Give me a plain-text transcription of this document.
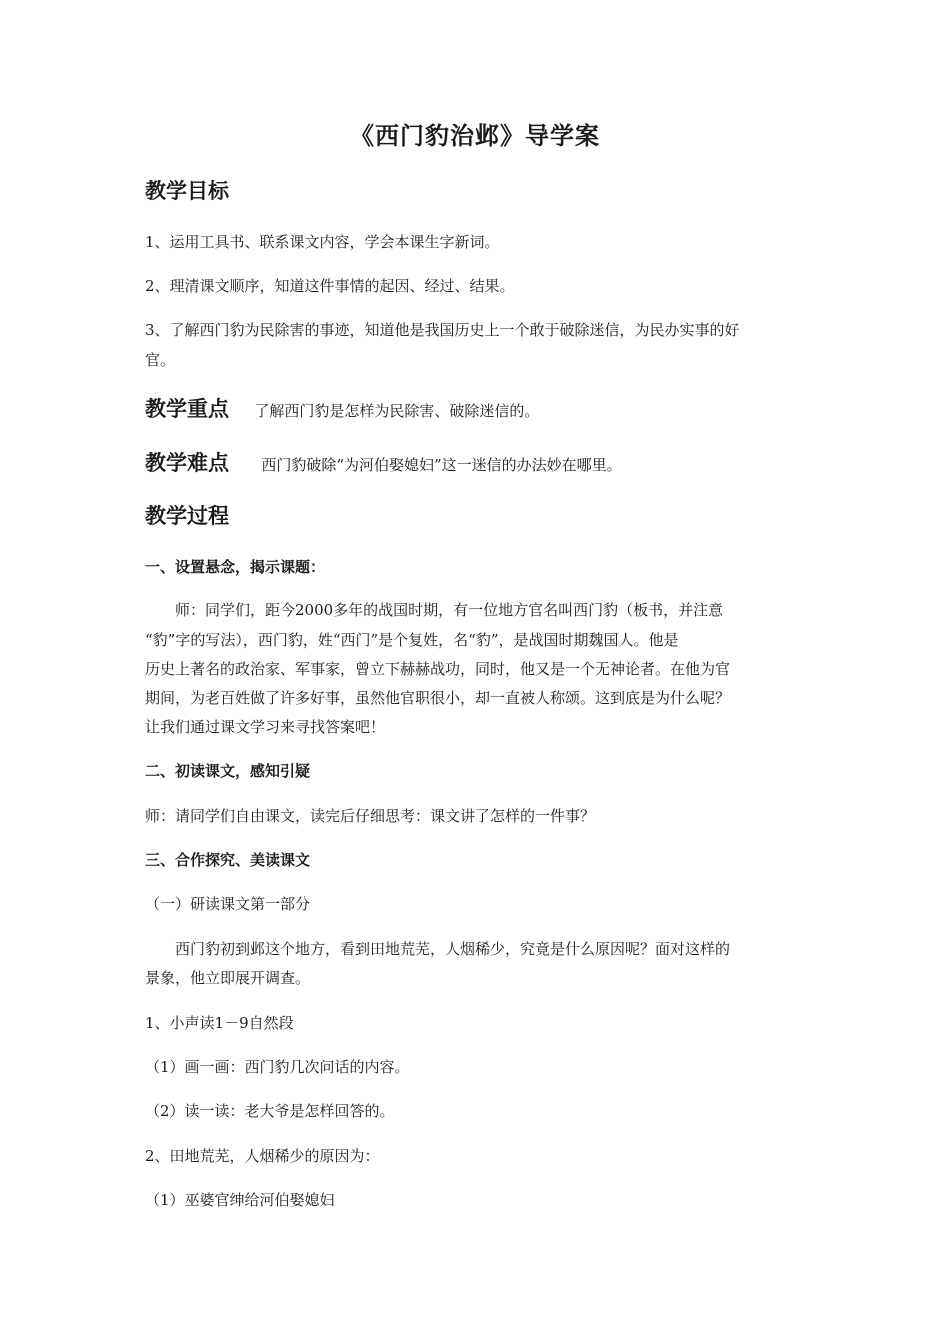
《西门豹治邺》导学案
教学目标
1、运用工具书、联系课文内容，学会本课生字新词。
2、理清课文顺序，知道这件事情的起因、经过、结果。
3、了解西门豹为民除害的事迹，知道他是我国历史上一个敢于破除迷信，为民办实事的好
官。
教学重点 了解西门豹是怎样为民除害、破除迷信的。
教学难点 西门豹破除“为河伯娶媳妇”这一迷信的办法妙在哪里。
教学过程
一、设置悬念，揭示课题：
师：同学们，距今2000多年的战国时期，有一位地方官名叫西门豹（板书，并注意
“豹”字的写法），西门豹，姓“西门”是个复姓，名“豹”，是战国时期魏国人。他是
历史上著名的政治家、军事家，曾立下赫赫战功，同时，他又是一个无神论者。在他为官
期间，为老百姓做了许多好事，虽然他官职很小，却一直被人称颂。这到底是为什么呢？
让我们通过课文学习来寻找答案吧！
二、初读课文，感知引疑
师：请同学们自由课文，读完后仔细思考：课文讲了怎样的一件事？
三、合作探究、美读课文
（一）研读课文第一部分
西门豹初到邺这个地方，看到田地荒芜，人烟稀少，究竟是什么原因呢？面对这样的
景象，他立即展开调查。
1、小声读1－9自然段
（1）画一画：西门豹几次问话的内容。
（2）读一读：老大爷是怎样回答的。
2、田地荒芜，人烟稀少的原因为：
（1）巫婆官绅给河伯娶媳妇
